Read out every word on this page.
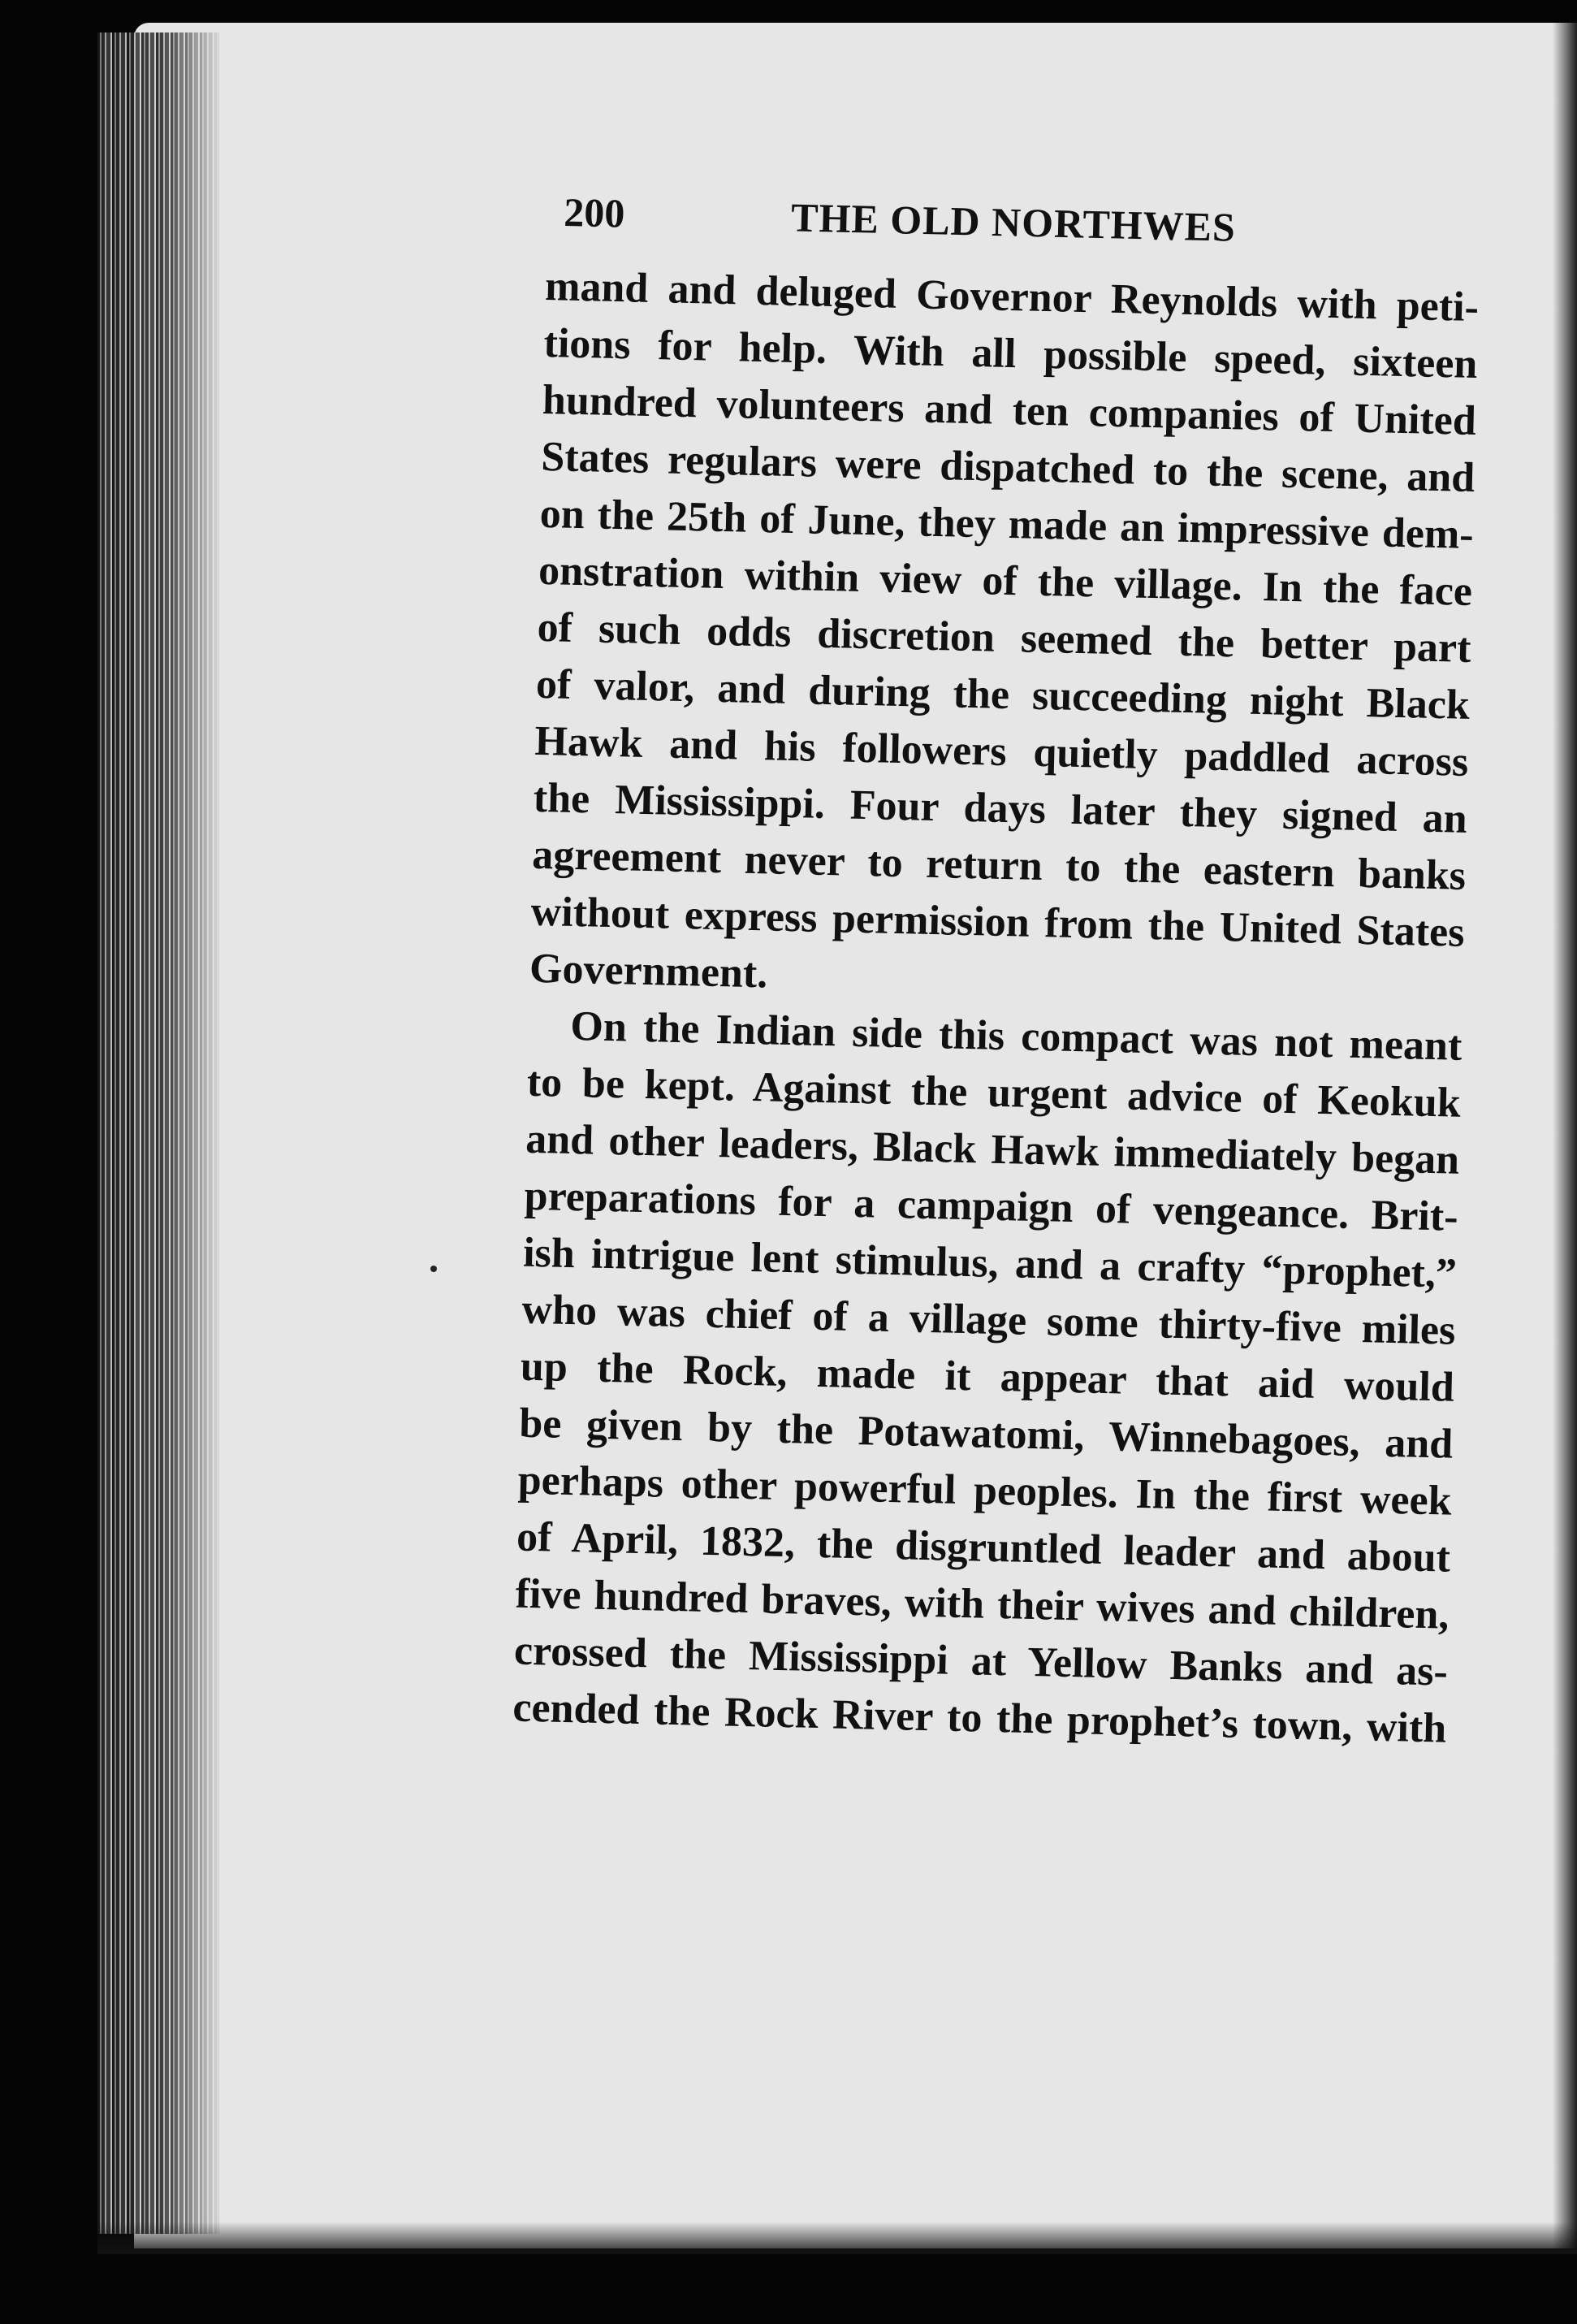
200	THE OLD NORTHWES
mand and deluged Governor Reynolds with peti-
tions for help. With all possible speed, sixteen
hundred volunteers and ten companies of United
States regulars were dispatched to the scene, and
on the 25th of June, they made an impressive dem-
onstration within view of the village. In the face
of such odds discretion seemed the better part
of valor, and during the succeeding night Black
Hawk and his followers quietly paddled across
the Mississippi. Four days later they signed an
agreement never to return to the eastern banks
without express permission from the United States
Government.
On the Indian side this compact was not meant
to be kept. Against the urgent advice of Keokuk
and other leaders, Black Hawk immediately began
preparations for a campaign of vengeance. Brit-
ish intrigue lent stimulus, and a crafty “prophet,”
who was chief of a village some thirty-five miles
up the Rock, made it appear that aid would
be given by the Potawatomi, Winnebagoes, and
perhaps other powerful peoples. In the first week
of April, 1832, the disgruntled leader and about
five hundred braves, with their wives and children,
crossed the Mississippi at Yellow Banks and as-
cended the Rock River to the prophet’s town, with
